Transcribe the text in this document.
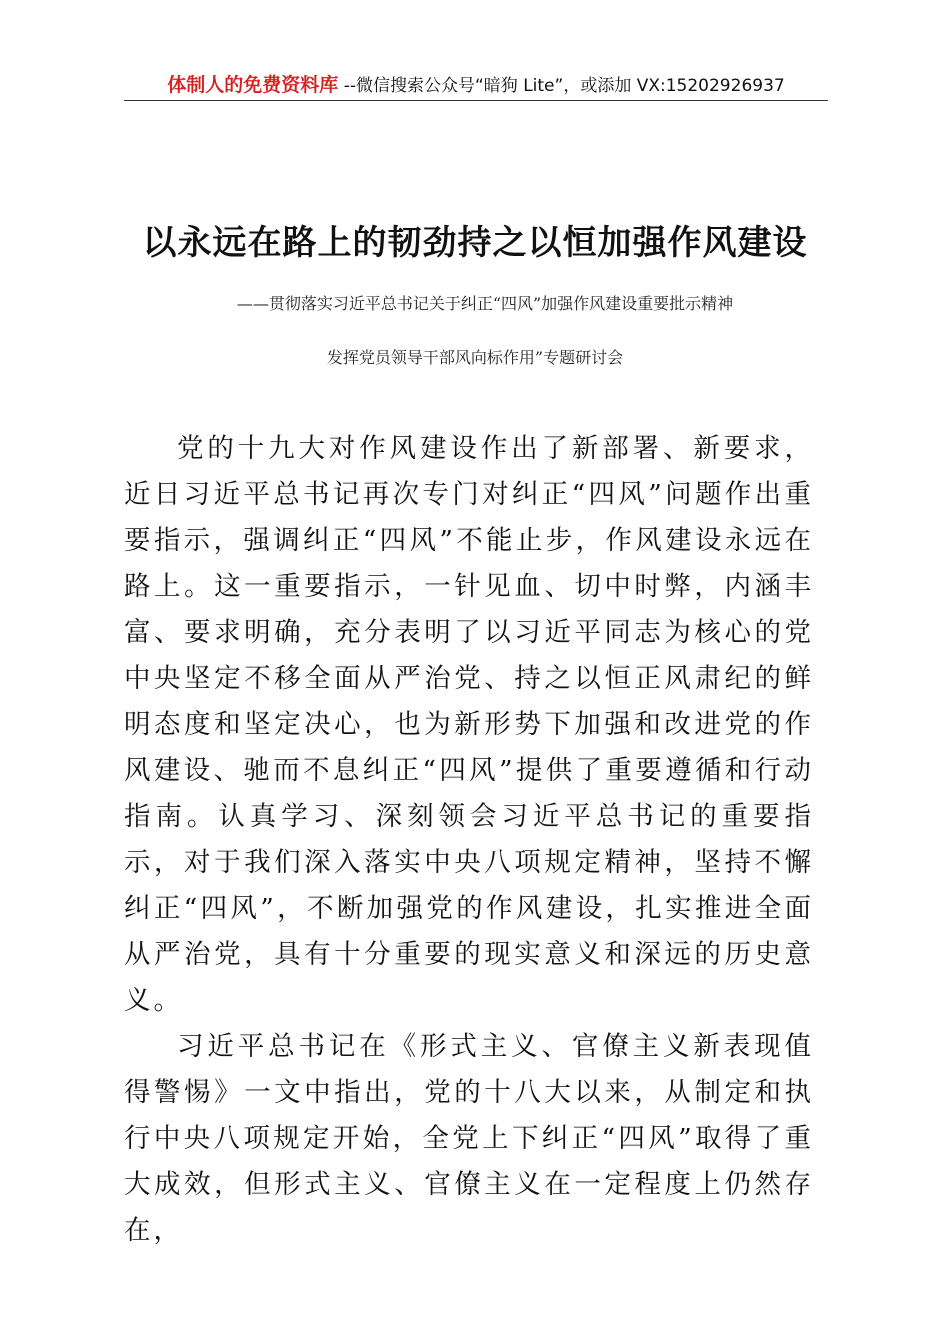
体制人的免费资料库 --微信搜索公众号“暗狗 Lite”，或添加 VX:15202926937
以永远在路上的韧劲持之以恒加强作风建设
——贯彻落实习近平总书记关于纠正“四风”加强作风建设重要批示精神
发挥党员领导干部风向标作用”专题研讨会

党的十九大对作风建设作出了新部署、新要求，近日习近平总书记再次专门对纠正“四风”问题作出重要指示，强调纠正“四风”不能止步，作风建设永远在路上。这一重要指示，一针见血、切中时弊，内涵丰富、要求明确，充分表明了以习近平同志为核心的党中央坚定不移全面从严治党、持之以恒正风肃纪的鲜明态度和坚定决心，也为新形势下加强和改进党的作风建设、驰而不息纠正“四风”提供了重要遵循和行动指南。认真学习、深刻领会习近平总书记的重要指示，对于我们深入落实中央八项规定精神，坚持不懈纠正“四风”，不断加强党的作风建设，扎实推进全面从严治党，具有十分重要的现实意义和深远的历史意义。

习近平总书记在《形式主义、官僚主义新表现值得警惕》一文中指出，党的十八大以来，从制定和执行中央八项规定开始，全党上下纠正“四风”取得了重大成效，但形式主义、官僚主义在一定程度上仍然存在，
